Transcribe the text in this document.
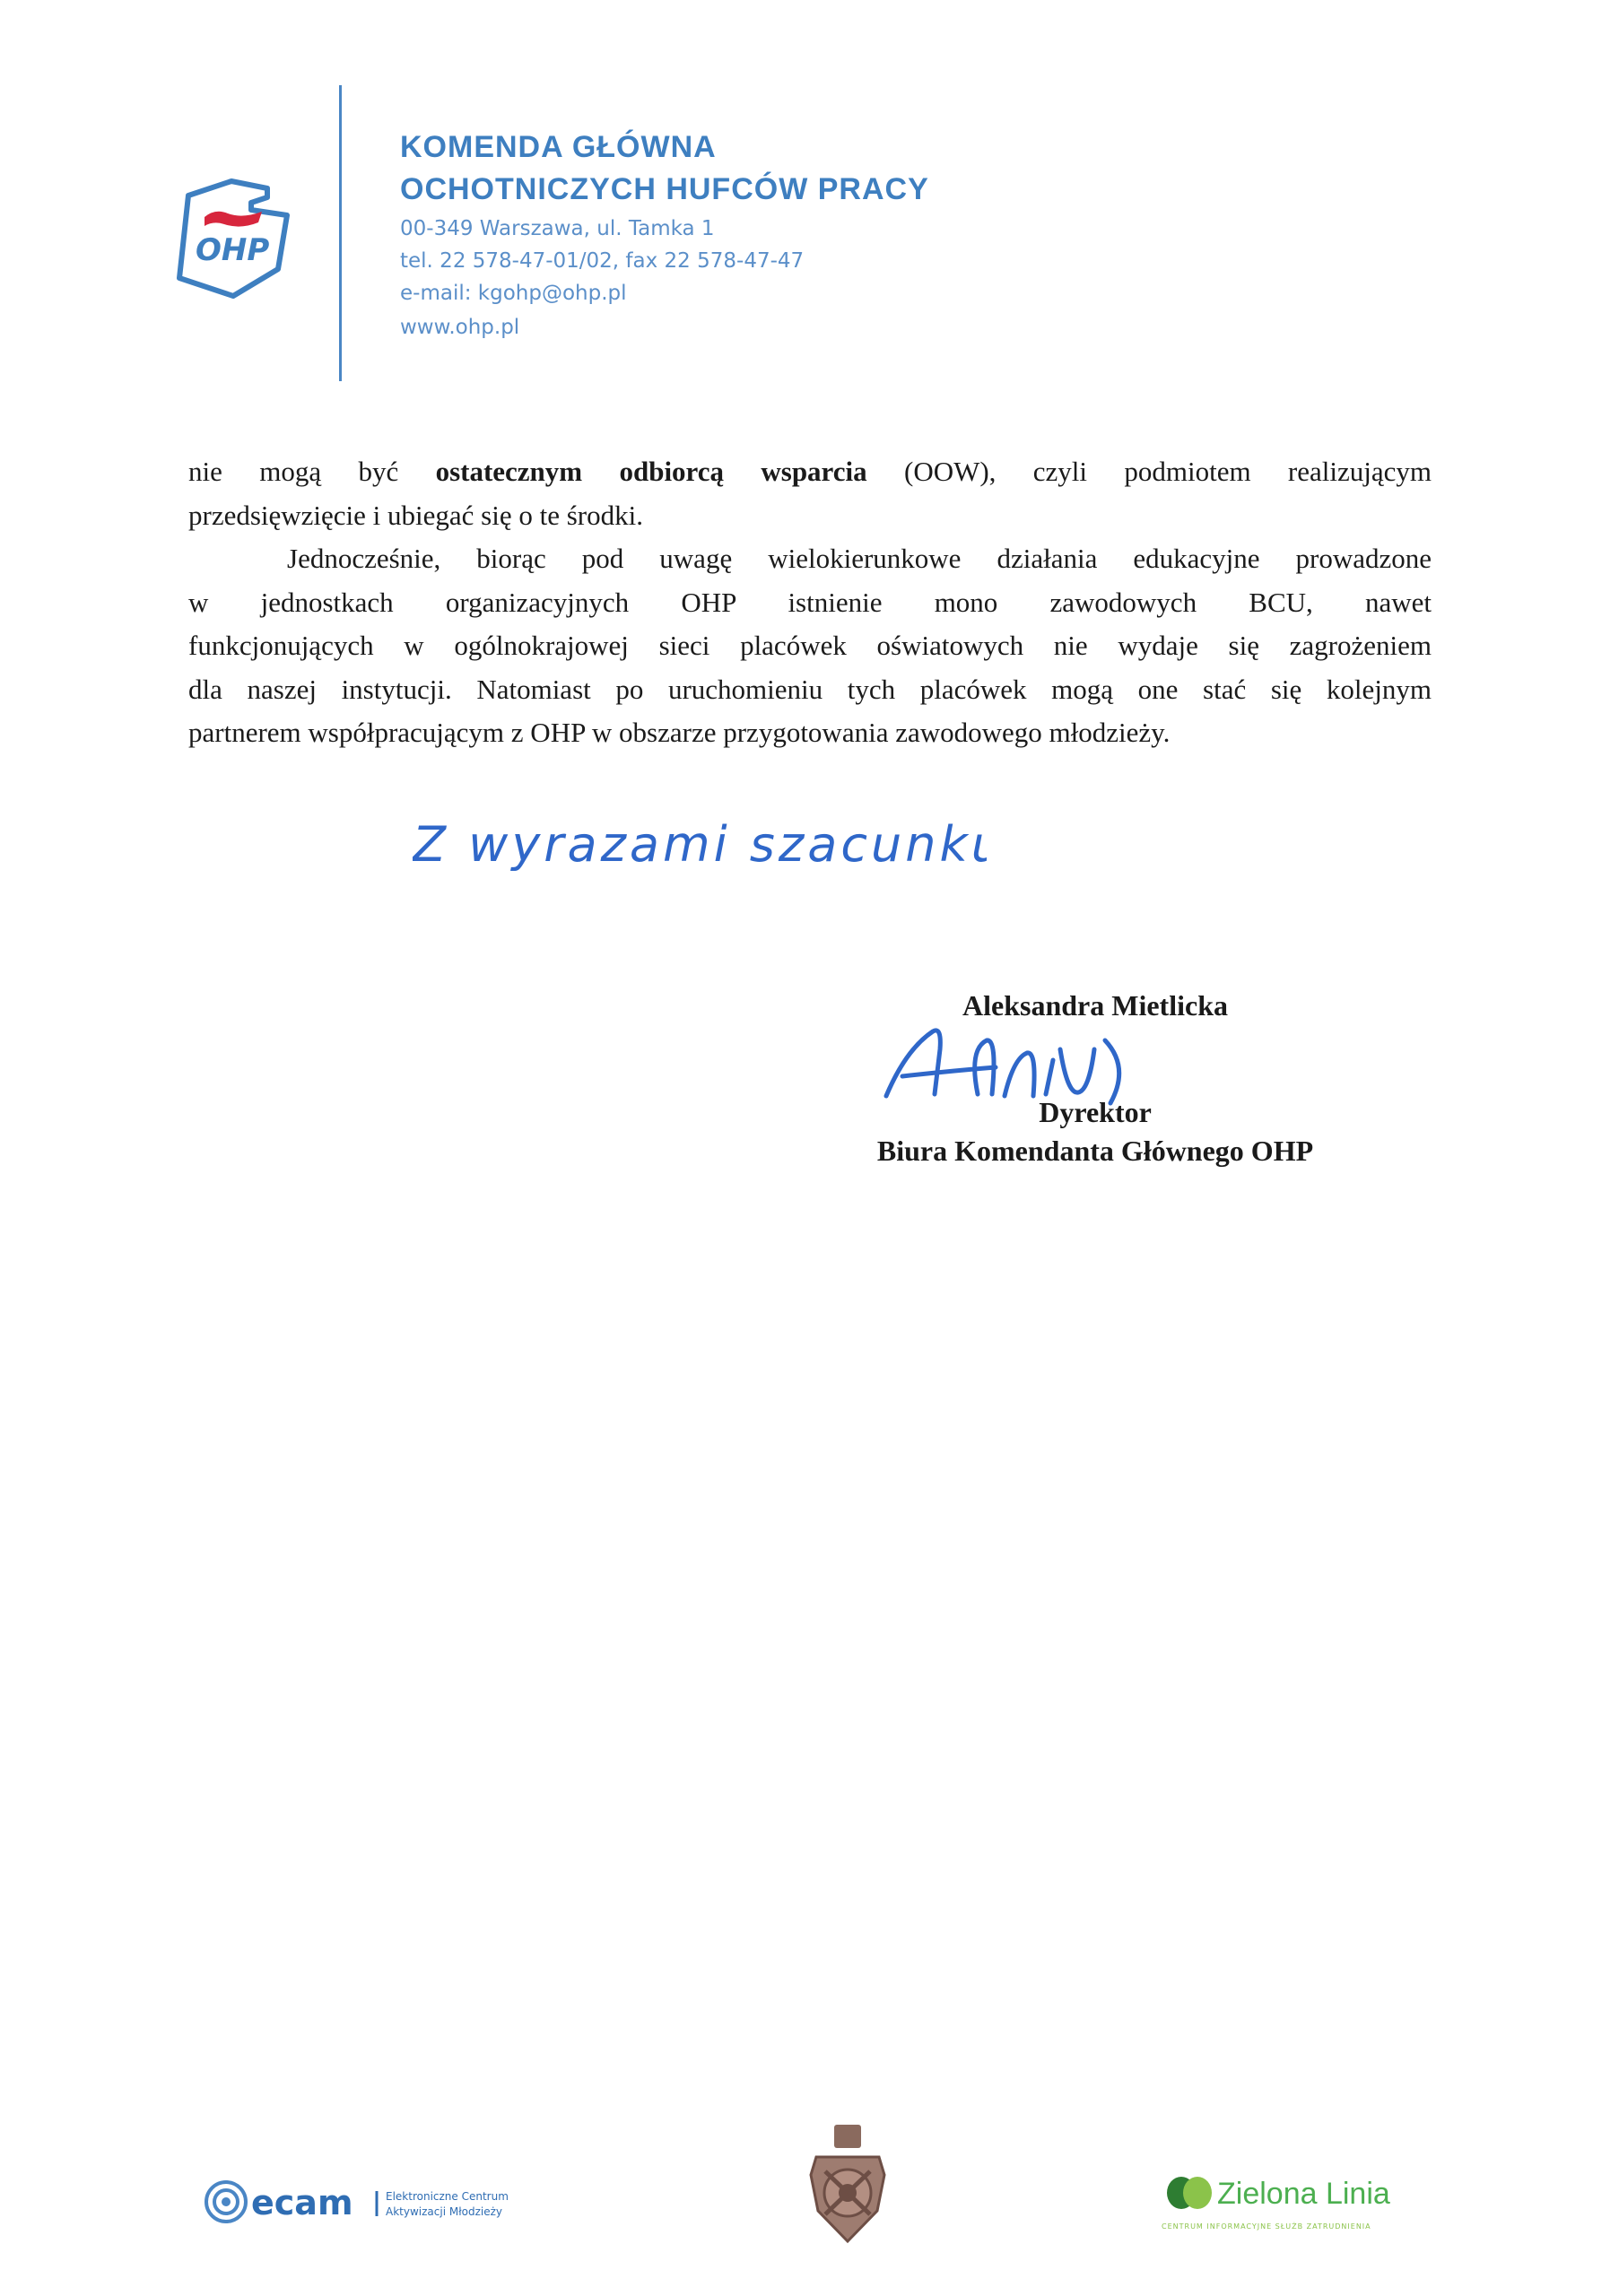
OHP
KOMENDA GŁÓWNA
OCHOTNICZYCH HUFCÓW PRACY
00-349 Warszawa, ul. Tamka 1
tel. 22 578-47-01/02, fax 22 578-47-47
e-mail: kgohp@ohp.pl
www.ohp.pl
nie mogą być ostatecznym odbiorcą wsparcia (OOW), czyli podmiotem realizującym
przedsięwzięcie i ubiegać się o te środki.
Jednocześnie, biorąc pod uwagę wielokierunkowe działania edukacyjne prowadzone
w jednostkach organizacyjnych OHP istnienie mono zawodowych BCU, nawet
funkcjonujących w ogólnokrajowej sieci placówek oświatowych nie wydaje się zagrożeniem
dla naszej instytucji. Natomiast po uruchomieniu tych placówek mogą one stać się kolejnym
partnerem współpracującym z OHP w obszarze przygotowania zawodowego młodzieży.
Z wyrazami szacunku
Aleksandra Mietlicka
Dyrektor
Biura Komendanta Głównego OHP
ecam	Elektroniczne Centrum
Aktywizacji Młodzieży
Zielona Linia
CENTRUM INFORMACYJNE SŁUŻB ZATRUDNIENIA
